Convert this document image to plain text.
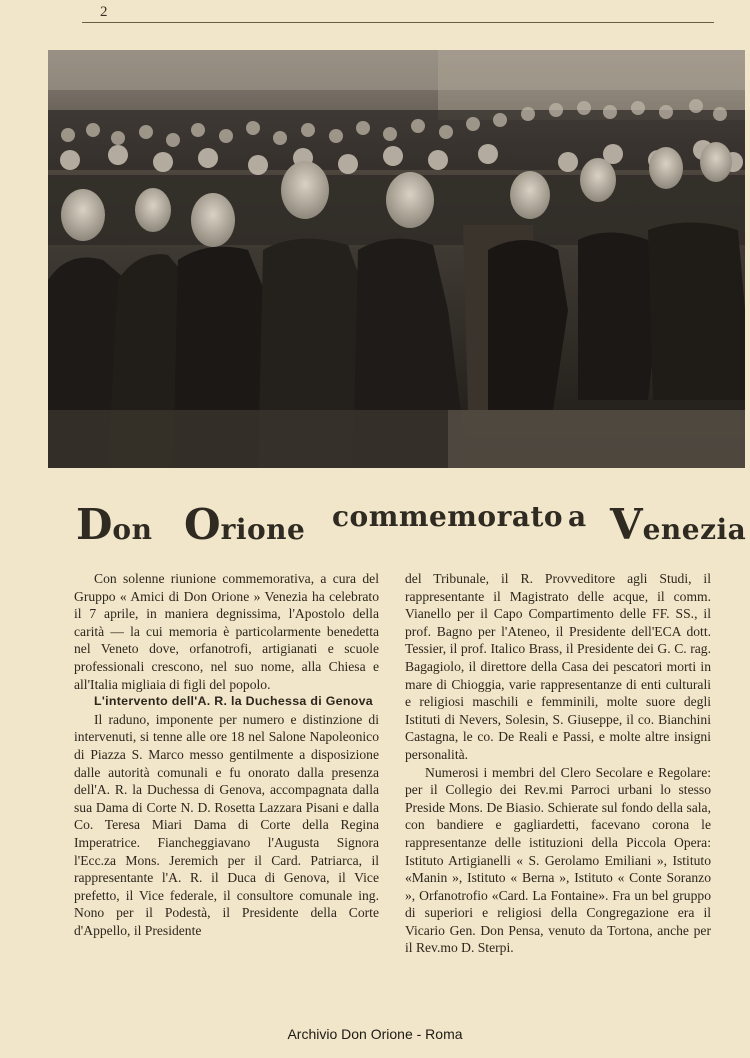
2
Don Orione commemorato a Venezia

Con solenne riunione commemorativa, a cura del Gruppo « Amici di Don Orione » Venezia ha celebrato il 7 aprile, in maniera degnissima, l'Apostolo della carità — la cui memoria è particolarmente benedetta nel Veneto dove, orfanotrofi, artigianati e scuole professionali crescono, nel suo nome, alla Chiesa e all'Italia migliaia di figli del popolo.

L'intervento dell'A. R. la Duchessa di Genova

Il raduno, imponente per numero e distinzione di intervenuti, si tenne alle ore 18 nel Salone Napoleonico di Piazza S. Marco messo gentilmente a disposizione dalle autorità comunali e fu onorato dalla presenza dell'A. R. la Duchessa di Genova, accompagnata dalla sua Dama di Corte N. D. Rosetta Lazzara Pisani e dalla Co. Teresa Miari Dama di Corte della Regina Imperatrice. Fiancheggiavano l'Augusta Signora l'Ecc.za Mons. Jeremich per il Card. Patriarca, il rappresentante l'A. R. il Duca di Genova, il Vice prefetto, il Vice federale, il consultore comunale ing. Nono per il Podestà, il Presidente della Corte d'Appello, il Presidente

del Tribunale, il R. Provveditore agli Studi, il rappresentante il Magistrato delle acque, il comm. Vianello per il Capo Compartimento delle FF. SS., il prof. Bagno per l'Ateneo, il Presidente dell'ECA dott. Tessier, il prof. Italico Brass, il Presidente dei G. C. rag. Bagagiolo, il direttore della Casa dei pescatori morti in mare di Chioggia, varie rappresentanze di enti culturali e religiosi maschili e femminili, molte suore degli Istituti di Nevers, Solesin, S. Giuseppe, il co. Bianchini Castagna, le co. De Reali e Passi, e molte altre insigni personalità.

Numerosi i membri del Clero Secolare e Regolare: per il Collegio dei Rev.mi Parroci urbani lo stesso Preside Mons. De Biasio. Schierate sul fondo della sala, con bandiere e gagliardetti, facevano corona le rappresentanze delle istituzioni della Piccola Opera: Istituto Artigianelli « S. Gerolamo Emiliani », Istituto «Manin », Istituto « Berna », Istituto « Conte Soranzo », Orfanotrofio «Card. La Fontaine». Fra un bel gruppo di superiori e religiosi della Congregazione era il Vicario Gen. Don Pensa, venuto da Tortona, anche per il Rev.mo D. Sterpi.

Archivio Don Orione - Roma
